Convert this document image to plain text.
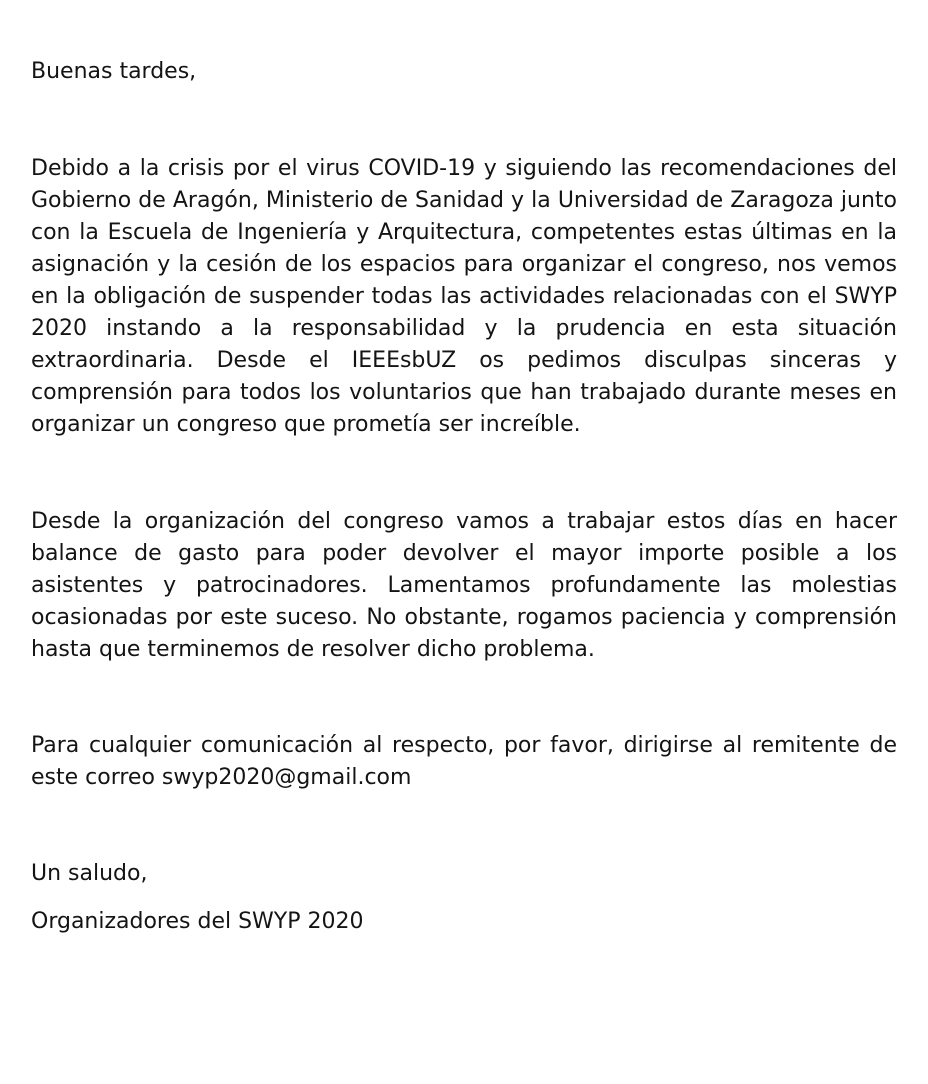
Buenas tardes,

Debido a la crisis por el virus COVID-19 y siguiendo las recomendaciones del Gobierno de Aragón, Ministerio de Sanidad y la Universidad de Zaragoza junto con la Escuela de Ingeniería y Arquitectura, competentes estas últimas en la asignación y la cesión de los espacios para organizar el congreso, nos vemos en la obligación de suspender todas las actividades relacionadas con el SWYP 2020 instando a la responsabilidad y la prudencia en esta situación extraordinaria. Desde el IEEEsbUZ os pedimos disculpas sinceras y comprensión para todos los voluntarios que han trabajado durante meses en organizar un congreso que prometía ser increíble.

Desde la organización del congreso vamos a trabajar estos días en hacer balance de gasto para poder devolver el mayor importe posible a los asistentes y patrocinadores. Lamentamos profundamente las molestias ocasionadas por este suceso. No obstante, rogamos paciencia y comprensión hasta que terminemos de resolver dicho problema.

Para cualquier comunicación al respecto, por favor, dirigirse al remitente de este correo swyp2020@gmail.com

Un saludo,

Organizadores del SWYP 2020
